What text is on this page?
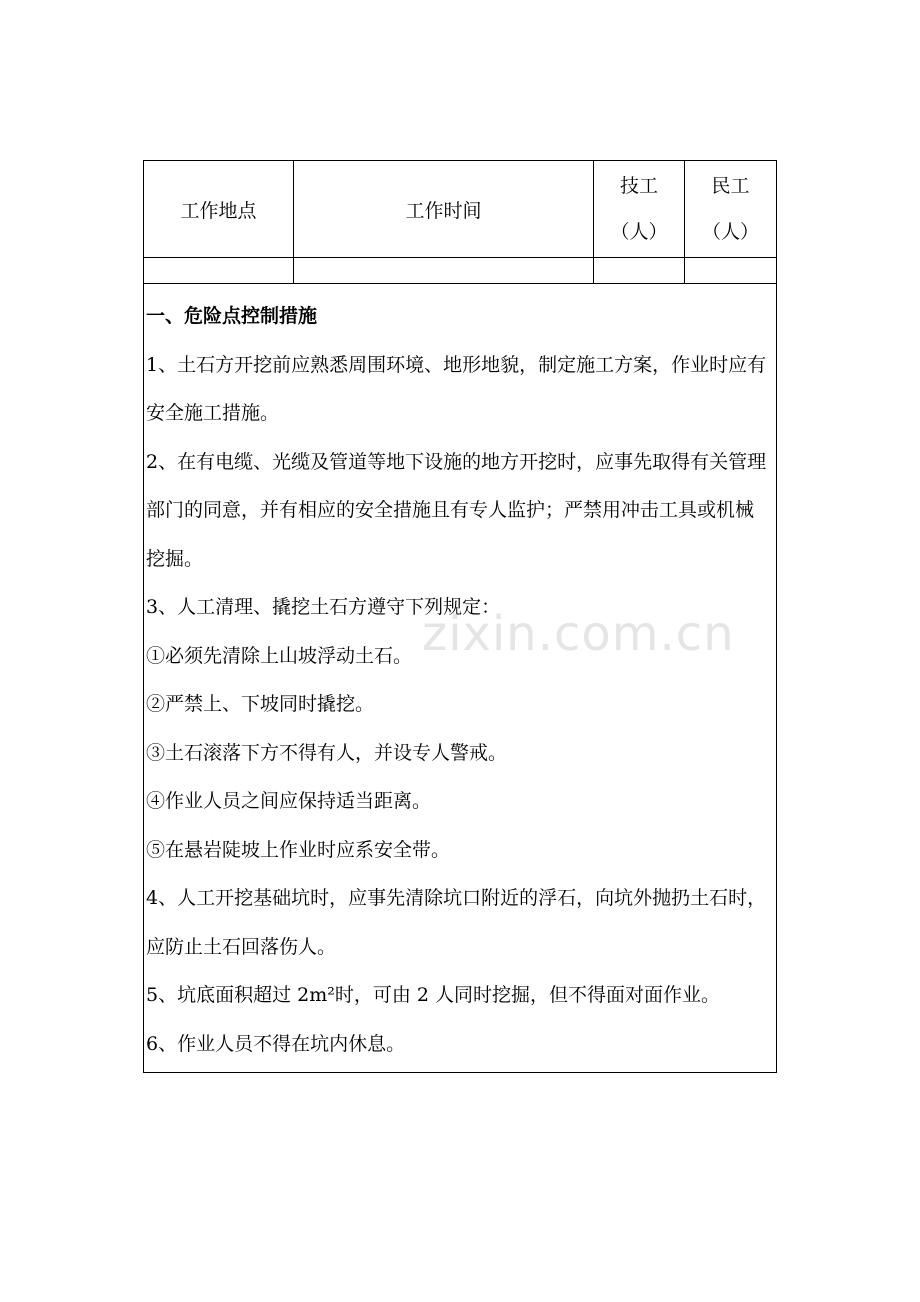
工作地点	工作时间
技工
（人）
民工
（人）

一、危险点控制措施

1、土石方开挖前应熟悉周围环境、地形地貌，制定施工方案，作业时应有安全施工措施。

2、在有电缆、光缆及管道等地下设施的地方开挖时，应事先取得有关管理部门的同意，并有相应的安全措施且有专人监护；严禁用冲击工具或机械挖掘。

3、人工清理、撬挖土石方遵守下列规定：

①必须先清除上山坡浮动土石。

②严禁上、下坡同时撬挖。

③土石滚落下方不得有人，并设专人警戒。

④作业人员之间应保持适当距离。

⑤在悬岩陡坡上作业时应系安全带。

4、人工开挖基础坑时，应事先清除坑口附近的浮石，向坑外抛扔土石时，应防止土石回落伤人。

5、坑底面积超过 2m²时，可由 2 人同时挖掘，但不得面对面作业。

6、作业人员不得在坑内休息。

zixin.com.cn
